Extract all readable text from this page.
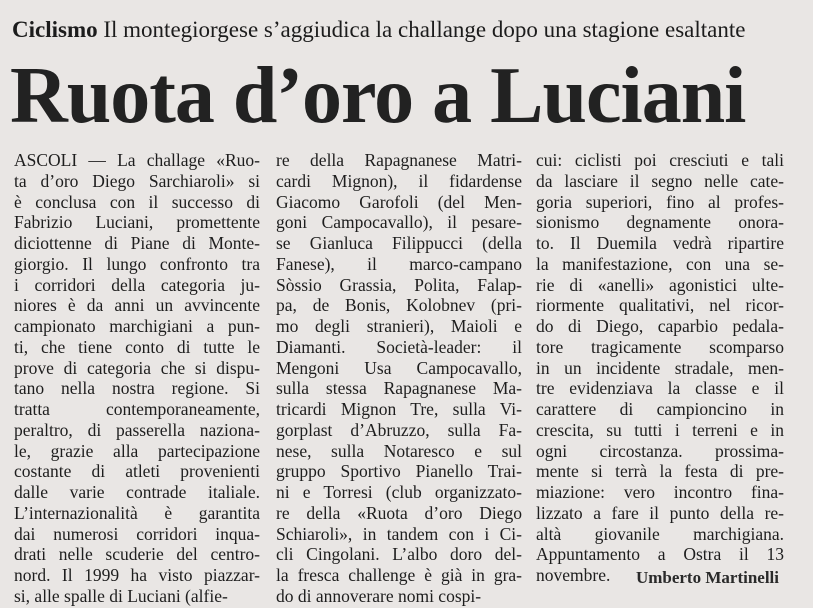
Ciclismo Il montegiorgese s’aggiudica la challange dopo una stagione esaltante
Ruota d’oro a Luciani
ASCOLI — La challage «Ruo-
ta d’oro Diego Sarchiaroli» si
è conclusa con il successo di
Fabrizio Luciani, promettente
diciottenne di Piane di Monte-
giorgio. Il lungo confronto tra
i corridori della categoria ju-
niores è da anni un avvincente
campionato marchigiani a pun-
ti, che tiene conto di tutte le
prove di categoria che si dispu-
tano nella nostra regione. Si
tratta contemporaneamente,
peraltro, di passerella naziona-
le, grazie alla partecipazione
costante di atleti provenienti
dalle varie contrade italiale.
L’internazionalità è garantita
dai numerosi corridori inqua-
drati nelle scuderie del centro-
nord. Il 1999 ha visto piazzar-
si, alle spalle di Luciani (alfie-
re della Rapagnanese Matri-
cardi Mignon), il fidardense
Giacomo Garofoli (del Men-
goni Campocavallo), il pesare-
se Gianluca Filippucci (della
Fanese), il marco-campano
Sòssio Grassia, Polita, Falap-
pa, de Bonis, Kolobnev (pri-
mo degli stranieri), Maioli e
Diamanti. Società-leader: il
Mengoni Usa Campocavallo,
sulla stessa Rapagnanese Ma-
tricardi Mignon Tre, sulla Vi-
gorplast d’Abruzzo, sulla Fa-
nese, sulla Notaresco e sul
gruppo Sportivo Pianello Trai-
ni e Torresi (club organizzato-
re della «Ruota d’oro Diego
Schiaroli», in tandem con i Ci-
cli Cingolani. L’albo doro del-
la fresca challenge è già in gra-
do di annoverare nomi cospi-
cui: ciclisti poi cresciuti e tali
da lasciare il segno nelle cate-
goria superiori, fino al profes-
sionismo degnamente onora-
to. Il Duemila vedrà ripartire
la manifestazione, con una se-
rie di «anelli» agonistici ulte-
riormente qualitativi, nel ricor-
do di Diego, caparbio pedala-
tore tragicamente scomparso
in un incidente stradale, men-
tre evidenziava la classe e il
carattere di campioncino in
crescita, su tutti i terreni e in
ogni circostanza. prossima-
mente si terrà la festa di pre-
miazione: vero incontro fina-
lizzato a fare il punto della re-
altà giovanile marchigiana.
Appuntamento a Ostra il 13
novembre.	Umberto Martinelli
